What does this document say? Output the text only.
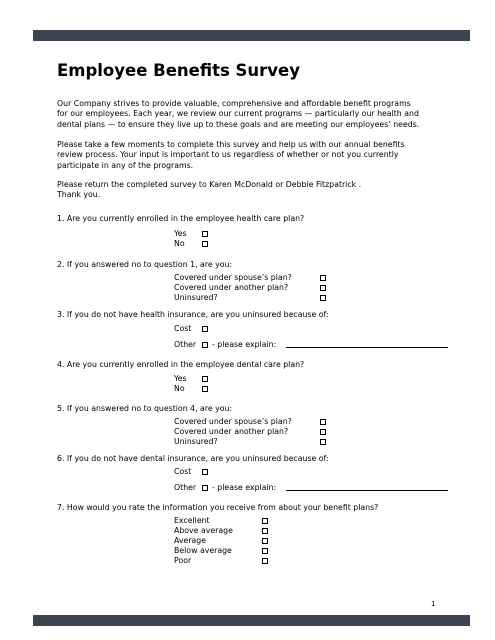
Employee Benefits Survey
Our Company strives to provide valuable, comprehensive and affordable benefit programs
for our employees. Each year, we review our current programs — particularly our health and
dental plans — to ensure they live up to these goals and are meeting our employees’ needs.
Please take a few moments to complete this survey and help us with our annual benefits
review process. Your input is important to us regardless of whether or not you currently
participate in any of the programs.
Please return the completed survey to Karen McDonald or Debbie Fitzpatrick .
Thank you.
1. Are you currently enrolled in the employee health care plan?
Yes
No
2. If you answered no to question 1, are you:
Covered under spouse’s plan?
Covered under another plan?
Uninsured?
3. If you do not have health insurance, are you uninsured because of:
Cost
Other - please explain:
4. Are you currently enrolled in the employee dental care plan?
Yes
No
5. If you answered no to question 4, are you:
Covered under spouse’s plan?
Covered under another plan?
Uninsured?
6. If you do not have dental insurance, are you uninsured because of:
Cost
Other - please explain:
7. How would you rate the information you receive from about your benefit plans?
Excellent
Above average
Average
Below average
Poor
1
